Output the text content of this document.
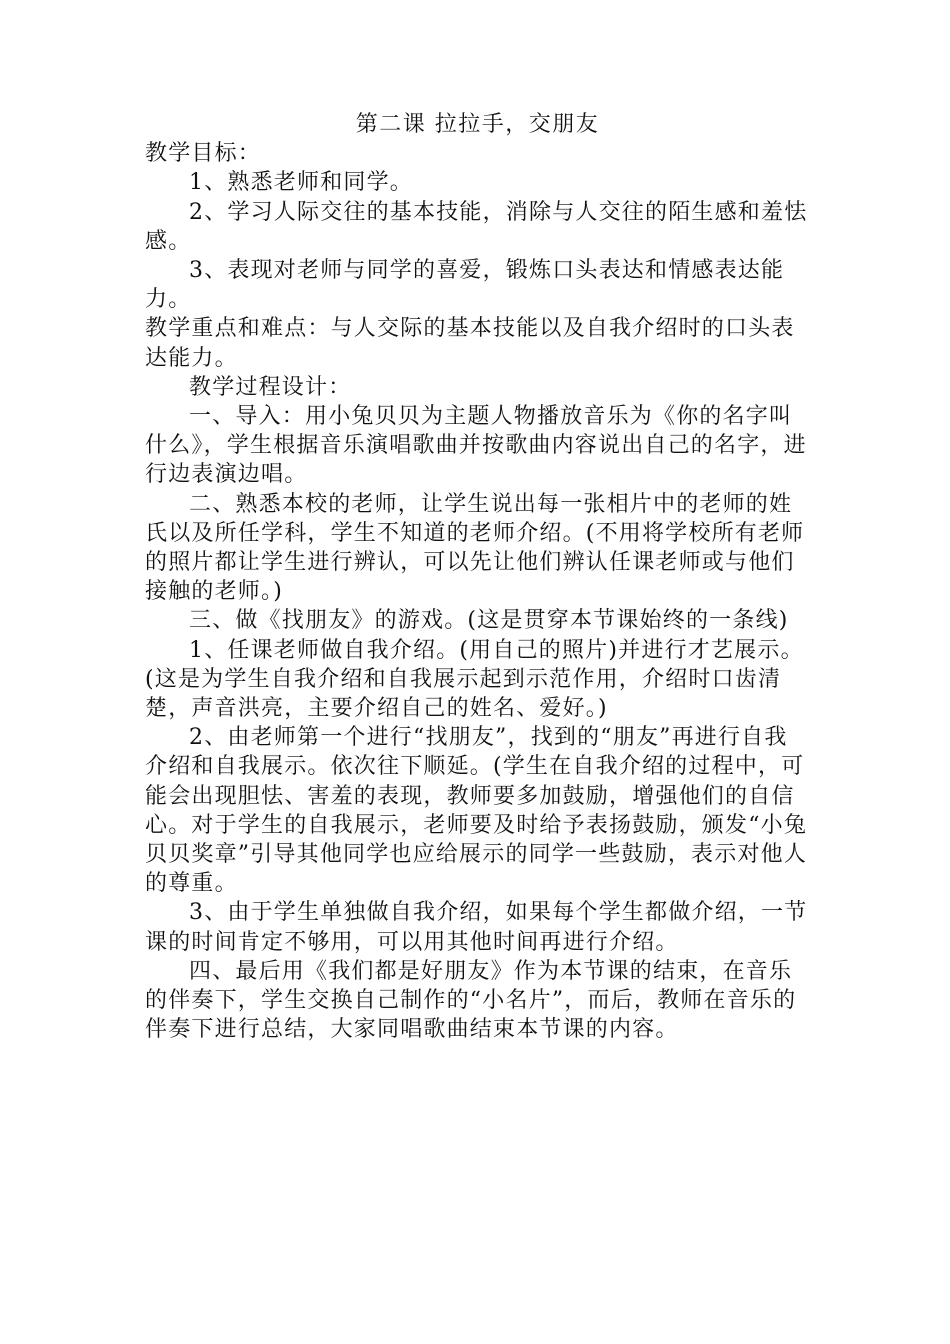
第二课 拉拉手，交朋友

教学目标：

1、熟悉老师和同学。

2、学习人际交往的基本技能，消除与人交往的陌生感和羞怯感。

3、表现对老师与同学的喜爱，锻炼口头表达和情感表达能力。

教学重点和难点：与人交际的基本技能以及自我介绍时的口头表达能力。

教学过程设计：

一、导入：用小兔贝贝为主题人物播放音乐为《你的名字叫什么》，学生根据音乐演唱歌曲并按歌曲内容说出自己的名字，进行边表演边唱。

二、熟悉本校的老师，让学生说出每一张相片中的老师的姓氏以及所任学科，学生不知道的老师介绍。(不用将学校所有老师的照片都让学生进行辨认，可以先让他们辨认任课老师或与他们接触的老师。)

三、做《找朋友》的游戏。(这是贯穿本节课始终的一条线)

1、任课老师做自我介绍。(用自己的照片)并进行才艺展示。(这是为学生自我介绍和自我展示起到示范作用，介绍时口齿清楚，声音洪亮，主要介绍自己的姓名、爱好。)

2、由老师第一个进行“找朋友”，找到的“朋友”再进行自我介绍和自我展示。依次往下顺延。(学生在自我介绍的过程中，可能会出现胆怯、害羞的表现，教师要多加鼓励，增强他们的自信心。对于学生的自我展示，老师要及时给予表扬鼓励，颁发“小兔贝贝奖章”引导其他同学也应给展示的同学一些鼓励，表示对他人的尊重。

3、由于学生单独做自我介绍，如果每个学生都做介绍，一节课的时间肯定不够用，可以用其他时间再进行介绍。

四、最后用《我们都是好朋友》作为本节课的结束，在音乐的伴奏下，学生交换自己制作的“小名片”，而后，教师在音乐的伴奏下进行总结，大家同唱歌曲结束本节课的内容。
